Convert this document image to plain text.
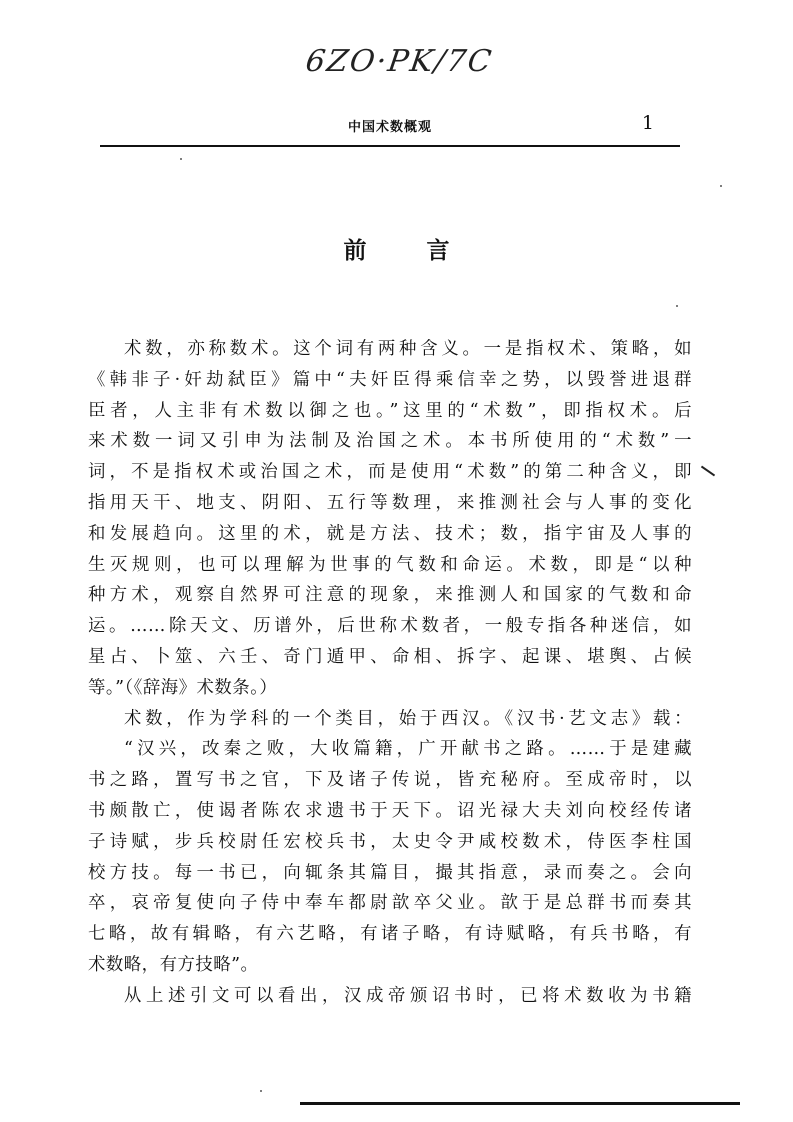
6ZO·PK/7C
中国术数概观	1
前	言
术数，亦称数术。这个词有两种含义。一是指权术、策略，如
《韩非子·奸劫弑臣》篇中“夫奸臣得乘信幸之势，以毁誉进退群
臣者，人主非有术数以御之也。”这里的“术数”，即指权术。后
来术数一词又引申为法制及治国之术。本书所使用的“术数”一
词，不是指权术或治国之术，而是使用“术数”的第二种含义，即
指用天干、地支、阴阳、五行等数理，来推测社会与人事的变化
和发展趋向。这里的术，就是方法、技术；数，指宇宙及人事的
生灭规则，也可以理解为世事的气数和命运。术数，即是“以种
种方术，观察自然界可注意的现象，来推测人和国家的气数和命
运。……除天文、历谱外，后世称术数者，一般专指各种迷信，如
星占、卜筮、六壬、奇门遁甲、命相、拆字、起课、堪舆、占候
等。”（《辞海》术数条。）
术数，作为学科的一个类目，始于西汉。《汉书·艺文志》载：
“汉兴，改秦之败，大收篇籍，广开献书之路。……于是建藏
书之路，置写书之官，下及诸子传说，皆充秘府。至成帝时，以
书颇散亡，使谒者陈农求遗书于天下。诏光禄大夫刘向校经传诸
子诗赋，步兵校尉任宏校兵书，太史令尹咸校数术，侍医李柱国
校方技。每一书已，向辄条其篇目，撮其指意，录而奏之。会向
卒，哀帝复使向子侍中奉车都尉歆卒父业。歆于是总群书而奏其
七略，故有辑略，有六艺略，有诸子略，有诗赋略，有兵书略，有
术数略，有方技略”。
从上述引文可以看出，汉成帝颁诏书时，已将术数收为书籍
